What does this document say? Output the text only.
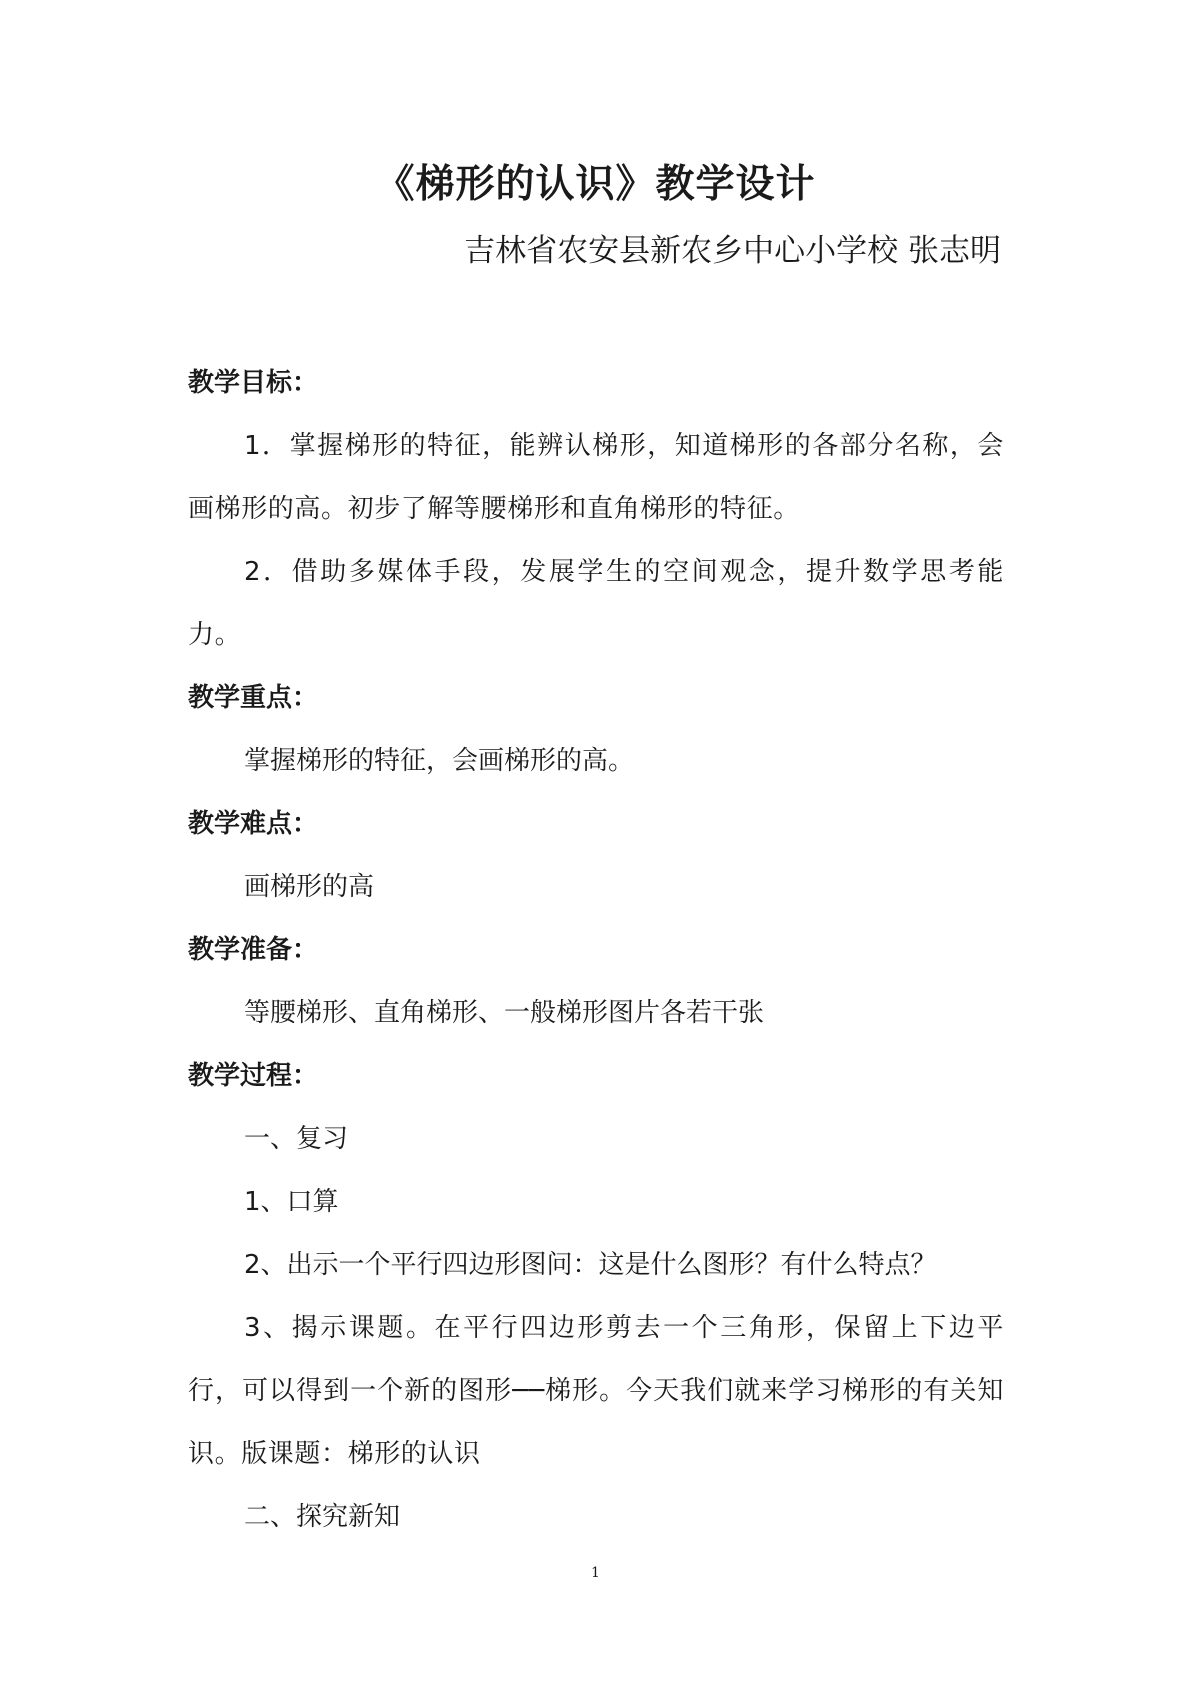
《梯形的认识》教学设计
吉林省农安县新农乡中心小学校 张志明
教学目标：
1．掌握梯形的特征，能辨认梯形，知道梯形的各部分名称，会画梯形的高。初步了解等腰梯形和直角梯形的特征。
2．借助多媒体手段，发展学生的空间观念，提升数学思考能力。
教学重点：
掌握梯形的特征，会画梯形的高。
教学难点：
画梯形的高
教学准备：
等腰梯形、直角梯形、一般梯形图片各若干张
教学过程：
一、复习
1、口算
2、出示一个平行四边形图问：这是什么图形？有什么特点？
3、揭示课题。在平行四边形剪去一个三角形，保留上下边平行，可以得到一个新的图形──梯形。今天我们就来学习梯形的有关知识。版课题：梯形的认识
二、探究新知
1
